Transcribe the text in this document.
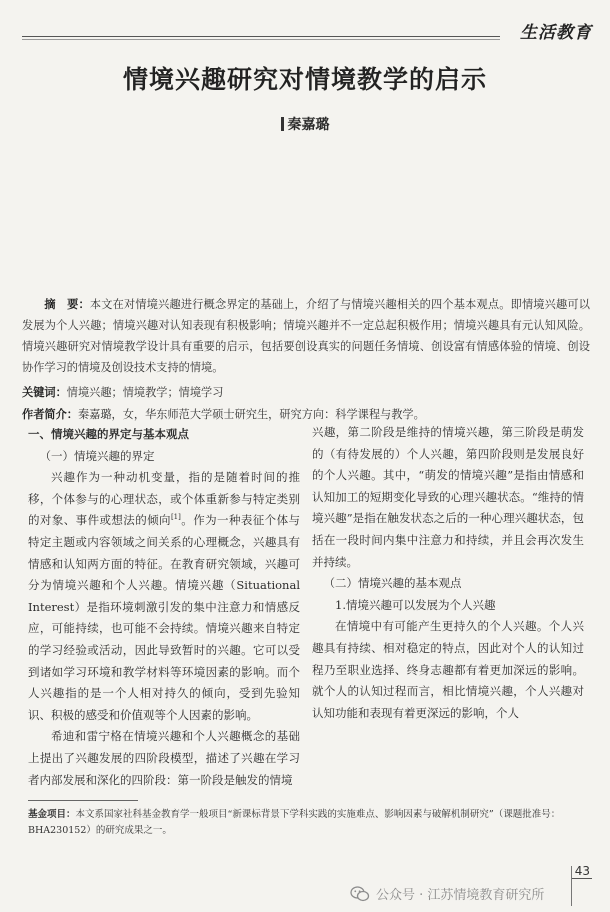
生活教育
情境兴趣研究对情境教学的启示
秦嘉璐

摘　要：本文在对情境兴趣进行概念界定的基础上，介绍了与情境兴趣相关的四个基本观点。即情境兴趣可以发展为个人兴趣；情境兴趣对认知表现有积极影响；情境兴趣并不一定总起积极作用；情境兴趣具有元认知风险。情境兴趣研究对情境教学设计具有重要的启示，包括要创设真实的问题任务情境、创设富有情感体验的情境、创设协作学习的情境及创设技术支持的情境。

关键词：情境兴趣；情境教学；情境学习
作者简介：秦嘉璐，女，华东师范大学硕士研究生，研究方向：科学课程与教学。

一、情境兴趣的界定与基本观点

（一）情境兴趣的界定

兴趣作为一种动机变量，指的是随着时间的推移，个体参与的心理状态，或个体重新参与特定类别的对象、事件或想法的倾向[1]。作为一种表征个体与特定主题或内容领域之间关系的心理概念，兴趣具有情感和认知两方面的特征。在教育研究领域，兴趣可分为情境兴趣和个人兴趣。情境兴趣（Situational Interest）是指环境刺激引发的集中注意力和情感反应，可能持续，也可能不会持续。情境兴趣来自特定的学习经验或活动，因此导致暂时的兴趣。它可以受到诸如学习环境和教学材料等环境因素的影响。而个人兴趣指的是一个人相对持久的倾向，受到先验知识、积极的感受和价值观等个人因素的影响。

希迪和雷宁格在情境兴趣和个人兴趣概念的基础上提出了兴趣发展的四阶段模型，描述了兴趣在学习者内部发展和深化的四阶段：第一阶段是触发的情境

兴趣，第二阶段是维持的情境兴趣，第三阶段是萌发的（有待发展的）个人兴趣，第四阶段则是发展良好的个人兴趣。其中，“萌发的情境兴趣”是指由情感和认知加工的短期变化导致的心理兴趣状态。“维持的情境兴趣”是指在触发状态之后的一种心理兴趣状态，包括在一段时间内集中注意力和持续，并且会再次发生并持续。

（二）情境兴趣的基本观点

1.情境兴趣可以发展为个人兴趣

在情境中有可能产生更持久的个人兴趣。个人兴趣具有持续、相对稳定的特点，因此对个人的认知过程乃至职业选择、终身志趣都有着更加深远的影响。就个人的认知过程而言，相比情境兴趣，个人兴趣对认知功能和表现有着更深远的影响，个人

基金项目：本文系国家社科基金教育学一般项目“新课标背景下学科实践的实施难点、影响因素与破解机制研究”（课题批准号：BHA230152）的研究成果之一。
43
公众号 · 江苏情境教育研究所
